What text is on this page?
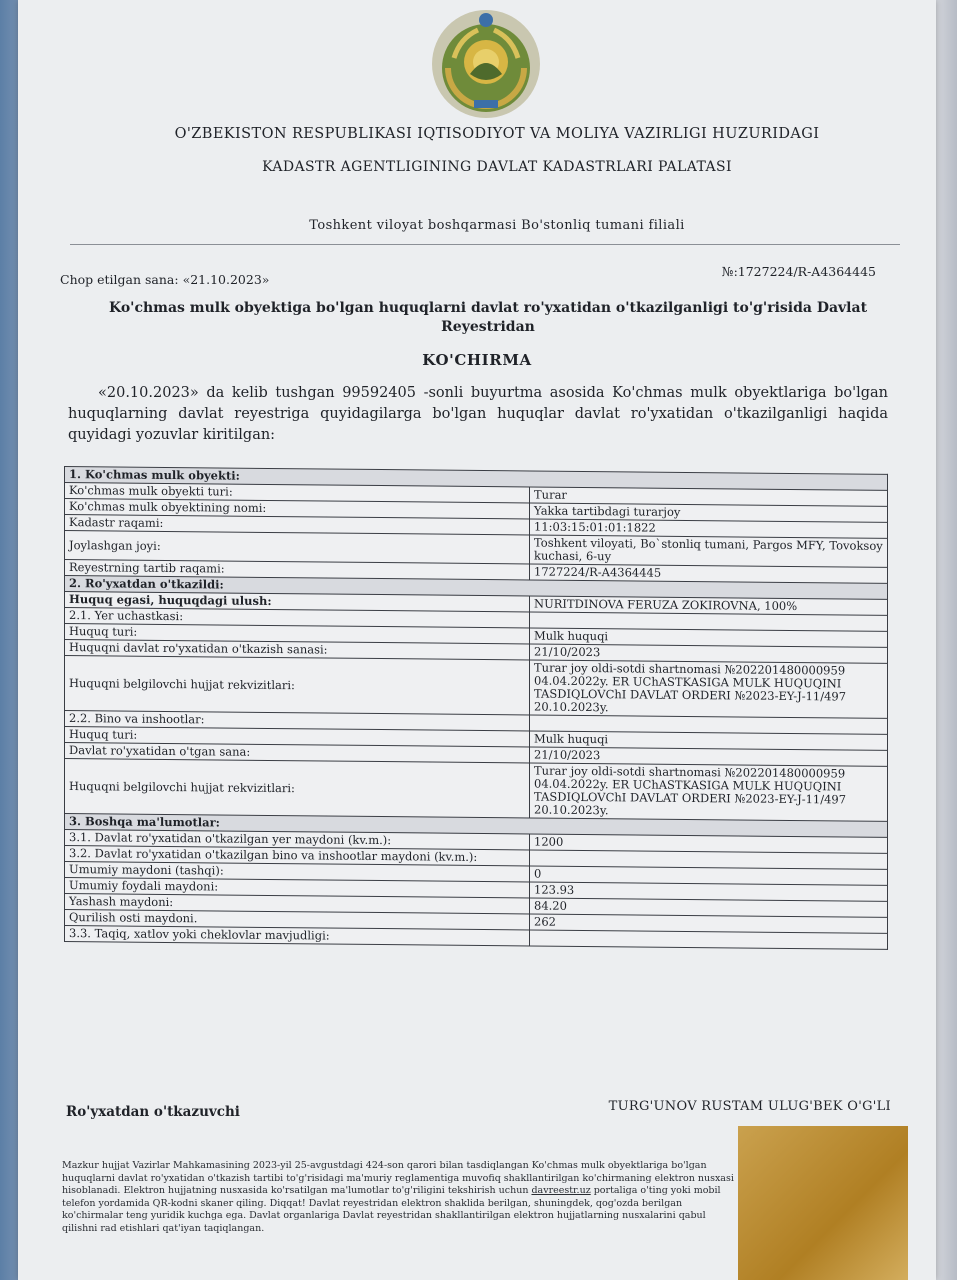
O'ZBEKISTON RESPUBLIKASI IQTISODIYOT VA MOLIYA VAZIRLIGI HUZURIDAGI
KADASTR AGENTLIGINING DAVLAT KADASTRLARI PALATASI
Toshkent viloyat boshqarmasi Bo'stonliq tumani filiali
Chop etilgan sana: «21.10.2023»
№:1727224/R-A4364445
Ko'chmas mulk obyektiga bo'lgan huquqlarni davlat ro'yxatidan o'tkazilganligi to'g'risida Davlat Reyestridan
KO'CHIRMA
«20.10.2023» da kelib tushgan 99592405 -sonli buyurtma asosida Ko'chmas mulk obyektlariga bo'lgan huquqlarning davlat reyestriga quyidagilarga bo'lgan huquqlar davlat ro'yxatidan o'tkazilganligi haqida quyidagi yozuvlar kiritilgan:
1. Ko'chmas mulk obyekti:	
Ko'chmas mulk obyekti turi:	Turar
Ko'chmas mulk obyektining nomi:	Yakka tartibdagi turarjoy
Kadastr raqami:	11:03:15:01:01:1822
Joylashgan joyi:	Toshkent viloyati, Bo`stonliq tumani, Pargos MFY, Tovoksoy kuchasi, 6-uy
Reyestrning tartib raqami:	1727224/R-A4364445
2. Ro'yxatdan o'tkazildi:	
Huquq egasi, huquqdagi ulush:	NURITDINOVA FERUZA ZOKIROVNA, 100%
2.1. Yer uchastkasi:	
Huquq turi:	Mulk huquqi
Huquqni davlat ro'yxatidan o'tkazish sanasi:	21/10/2023
Huquqni belgilovchi hujjat rekvizitlari:	Turar joy oldi-sotdi shartnomasi №202201480000959 04.04.2022y. ER UChASTKASIGA MULK HUQUQINI TASDIQLOVChI DAVLAT ORDERI №2023-EY-J-11/497 20.10.2023y.
2.2. Bino va inshootlar:	
Huquq turi:	Mulk huquqi
Davlat ro'yxatidan o'tgan sana:	21/10/2023
Huquqni belgilovchi hujjat rekvizitlari:	Turar joy oldi-sotdi shartnomasi №202201480000959 04.04.2022y. ER UChASTKASIGA MULK HUQUQINI TASDIQLOVChI DAVLAT ORDERI №2023-EY-J-11/497 20.10.2023y.
3. Boshqa ma'lumotlar:	
3.1. Davlat ro'yxatidan o'tkazilgan yer maydoni (kv.m.):	1200
3.2. Davlat ro'yxatidan o'tkazilgan bino va inshootlar maydoni (kv.m.):	
Umumiy maydoni (tashqi):	0
Umumiy foydali maydoni:	123.93
Yashash maydoni:	84.20
Qurilish osti maydoni.	262
3.3. Taqiq, xatlov yoki cheklovlar mavjudligi:	
Ro'yxatdan o'tkazuvchi	TURG'UNOV RUSTAM ULUG'BEK O'G'LI
Mazkur hujjat Vazirlar Mahkamasining 2023-yil 25-avgustdagi 424-son qarori bilan tasdiqlangan Ko'chmas mulk obyektlariga bo'lgan huquqlarni davlat ro'yxatidan o'tkazish tartibi to'g'risidagi ma'muriy reglamentiga muvofiq shakllantirilgan ko'chirmaning elektron nusxasi hisoblanadi. Elektron hujjatning nusxasida ko'rsatilgan ma'lumotlar to'g'riligini tekshirish uchun davreestr.uz portaliga o'ting yoki mobil telefon yordamida QR-kodni skaner qiling. Diqqat! Davlat reyestridan elektron shaklida berilgan, shuningdek, qog'ozda berilgan ko'chirmalar teng yuridik kuchga ega. Davlat organlariga Davlat reyestridan shakllantirilgan elektron hujjatlarning nusxalarini qabul qilishni rad etishlari qat'iyan taqiqlangan.
